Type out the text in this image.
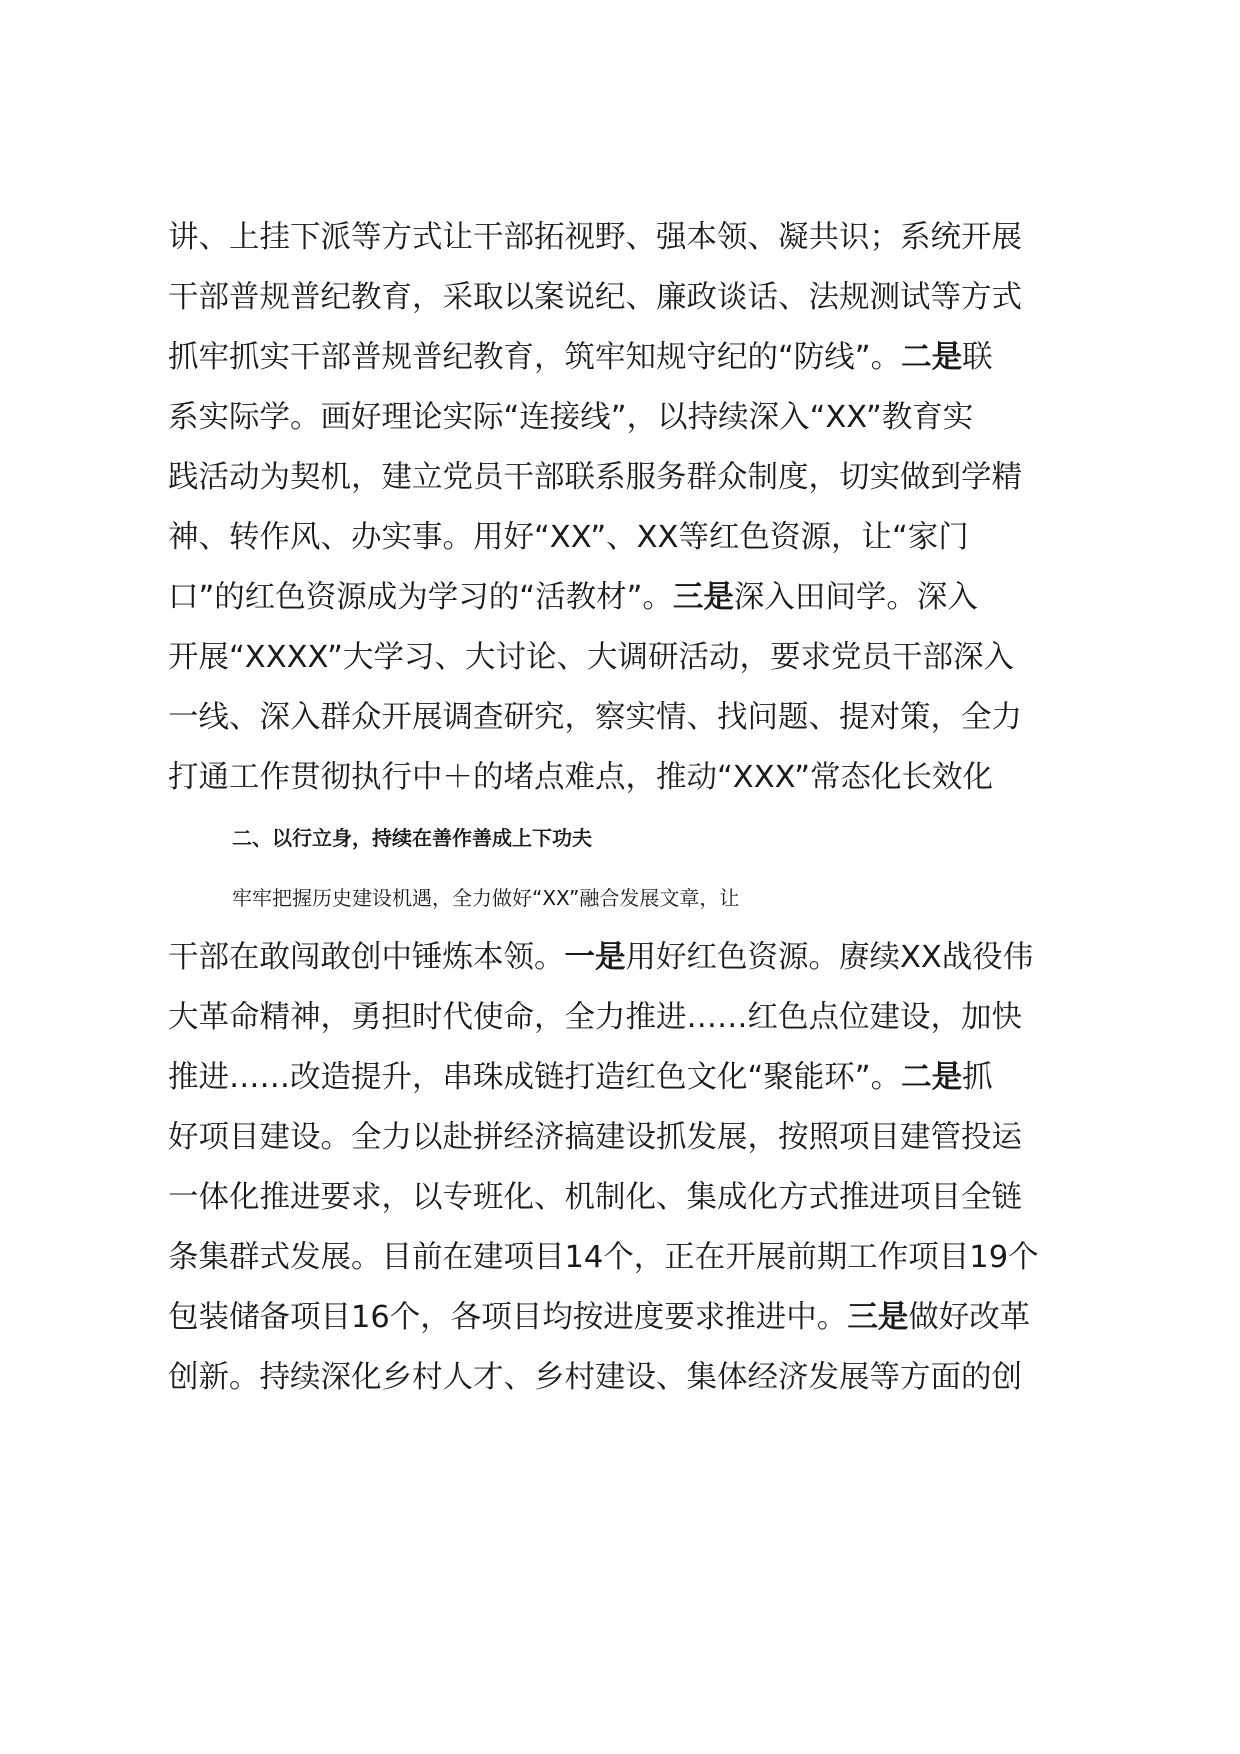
讲、上挂下派等方式让干部拓视野、强本领、凝共识；系统开展
干部普规普纪教育，采取以案说纪、廉政谈话、法规测试等方式
抓牢抓实干部普规普纪教育，筑牢知规守纪的“防线”。二是联
系实际学。画好理论实际“连接线”，以持续深入“XX”教育实
践活动为契机，建立党员干部联系服务群众制度，切实做到学精
神、转作风、办实事。用好“XX”、XX等红色资源，让“家门
口”的红色资源成为学习的“活教材”。三是深入田间学。深入
开展“XXXX”大学习、大讨论、大调研活动，要求党员干部深入
一线、深入群众开展调查研究，察实情、找问题、提对策，全力
打通工作贯彻执行中＋的堵点难点，推动“XXX”常态化长效化
二、以行立身，持续在善作善成上下功夫
牢牢把握历史建设机遇，全力做好“XX”融合发展文章，让
干部在敢闯敢创中锤炼本领。一是用好红色资源。赓续XX战役伟
大革命精神，勇担时代使命，全力推进……红色点位建设，加快
推进……改造提升，串珠成链打造红色文化“聚能环”。二是抓
好项目建设。全力以赴拼经济搞建设抓发展，按照项目建管投运
一体化推进要求，以专班化、机制化、集成化方式推进项目全链
条集群式发展。目前在建项目14个，正在开展前期工作项目19个
包装储备项目16个，各项目均按进度要求推进中。三是做好改革
创新。持续深化乡村人才、乡村建设、集体经济发展等方面的创
